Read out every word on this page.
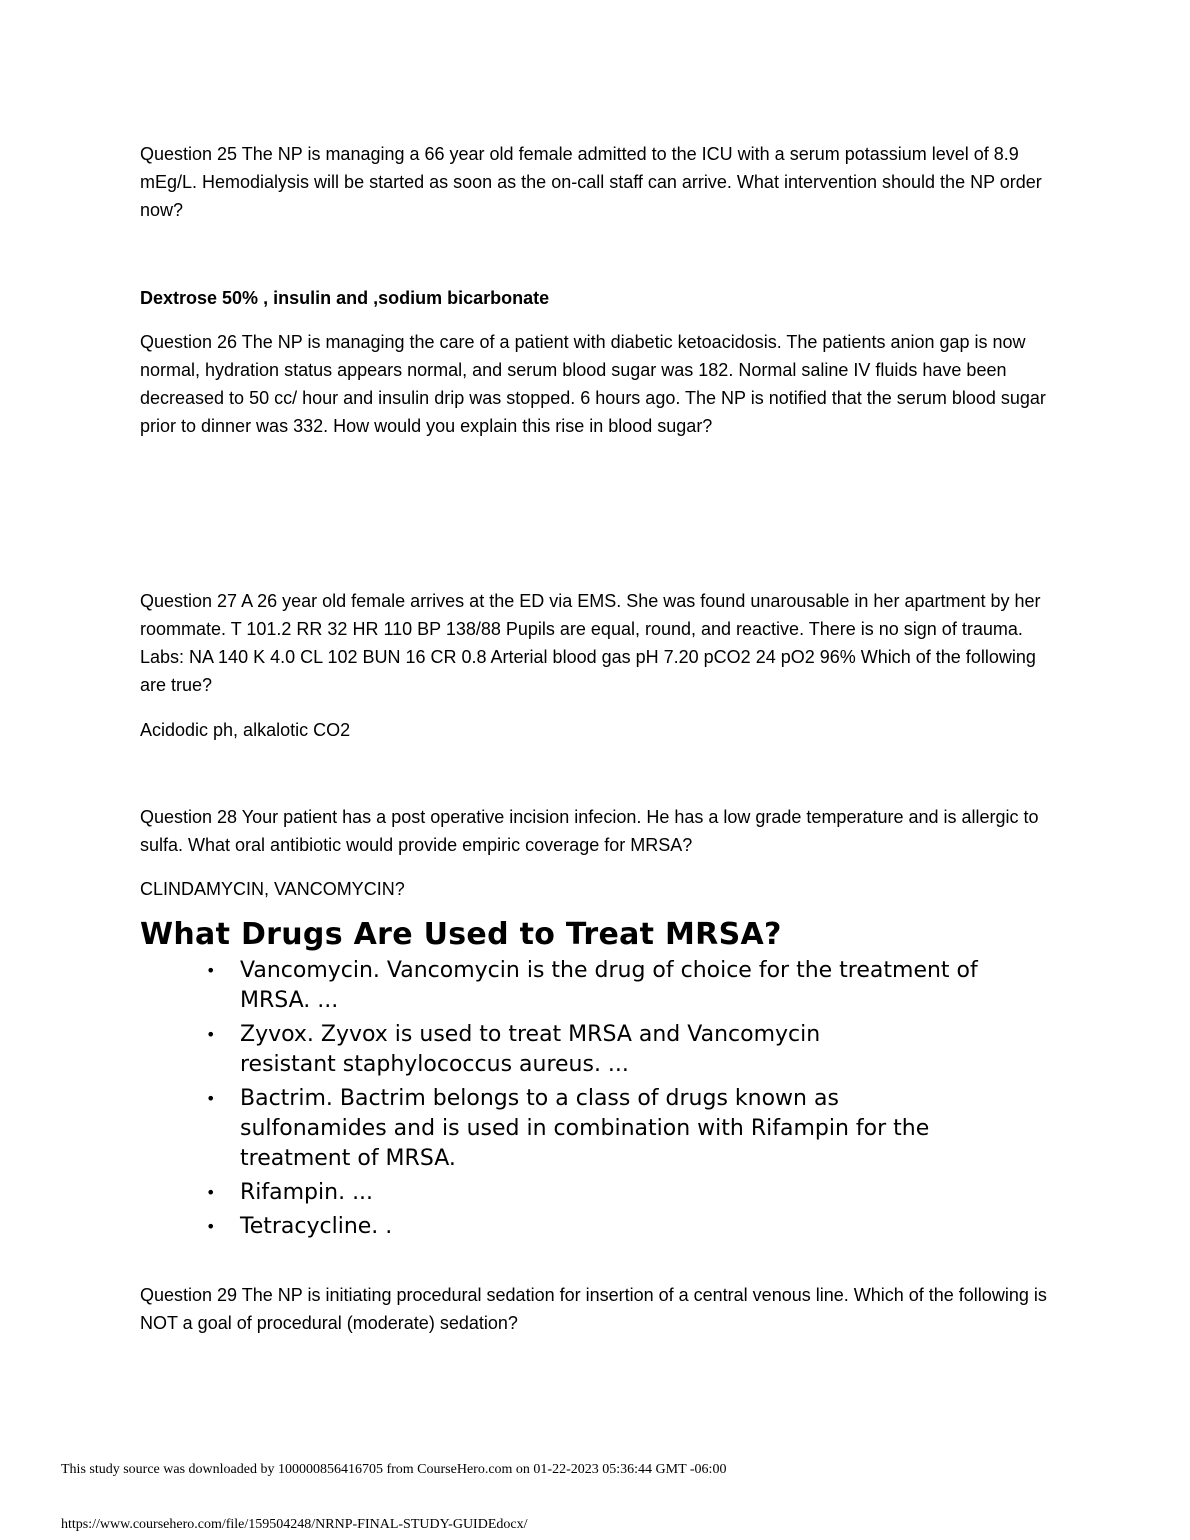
Question 25 The NP is managing a 66 year old female admitted to the ICU with a serum potassium level of 8.9 mEg/L. Hemodialysis will be started as soon as the on-call staff can arrive. What intervention should the NP order now?

Dextrose 50% , insulin and ,sodium bicarbonate

Question 26 The NP is managing the care of a patient with diabetic ketoacidosis. The patients anion gap is now normal, hydration status appears normal, and serum blood sugar was 182. Normal saline IV fluids have been decreased to 50 cc/ hour and insulin drip was stopped. 6 hours ago. The NP is notified that the serum blood sugar prior to dinner was 332. How would you explain this rise in blood sugar?

Question 27 A 26 year old female arrives at the ED via EMS. She was found unarousable in her apartment by her roommate. T 101.2 RR 32 HR 110 BP 138/88 Pupils are equal, round, and reactive. There is no sign of trauma. Labs: NA 140 K 4.0 CL 102 BUN 16 CR 0.8 Arterial blood gas pH 7.20 pCO2 24 pO2 96% Which of the following are true?

Acidodic ph, alkalotic CO2

Question 28 Your patient has a post operative incision infecion. He has a low grade temperature and is allergic to sulfa. What oral antibiotic would provide empiric coverage for MRSA?

CLINDAMYCIN, VANCOMYCIN?

What Drugs Are Used to Treat MRSA?
• Vancomycin. Vancomycin is the drug of choice for the treatment of MRSA. ...
• Zyvox. Zyvox is used to treat MRSA and Vancomycin resistant staphylococcus aureus. ...
• Bactrim. Bactrim belongs to a class of drugs known as sulfonamides and is used in combination with Rifampin for the treatment of MRSA.
• Rifampin. ...
• Tetracycline. .

Question 29 The NP is initiating procedural sedation for insertion of a central venous line. Which of the following is NOT a goal of procedural (moderate) sedation?

This study source was downloaded by 100000856416705 from CourseHero.com on 01-22-2023 05:36:44 GMT -06:00

https://www.coursehero.com/file/159504248/NRNP-FINAL-STUDY-GUIDEdocx/
